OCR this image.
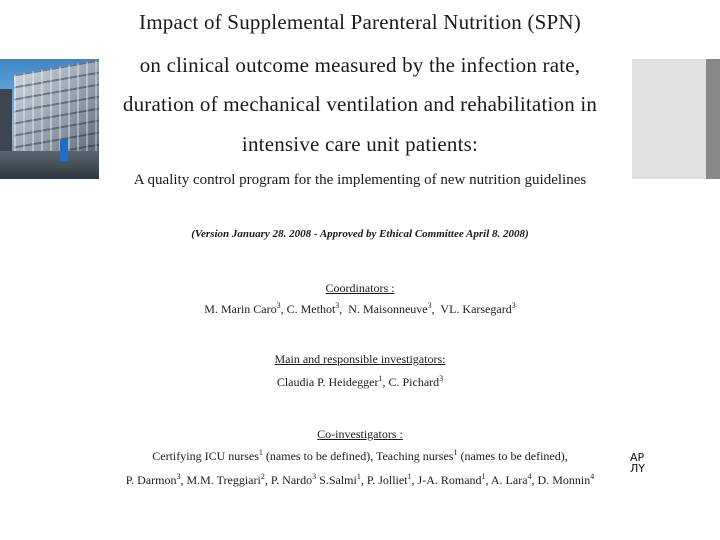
Impact of Supplemental Parenteral Nutrition (SPN)
on clinical outcome measured by the infection rate,
duration of mechanical ventilation and rehabilitation in
intensive care unit patients:
A quality control program for the implementing of new nutrition guidelines
(Version January 28. 2008 - Approved by Ethical Committee April 8. 2008)
Coordinators :
M. Marin Caro$^3$, C. Methot$^3$,  N. Maisonneuve$^3$,  VL. Karsegard$^3$
Main and responsible investigators:
Claudia P. Heidegger$^1$, C. Pichard$^3$
Co-investigators :
Certifying ICU nurses$^1$ (names to be defined), Teaching nurses$^1$ (names to be defined),
P. Darmon$^3$, M.M. Treggiari$^2$, P. Nardo$^3$ S.Salmi$^1$, P. Jolliet$^1$, J-A. Romand$^1$, A. Lara$^4$, D. Monnin$^4$
AP
ЛY
